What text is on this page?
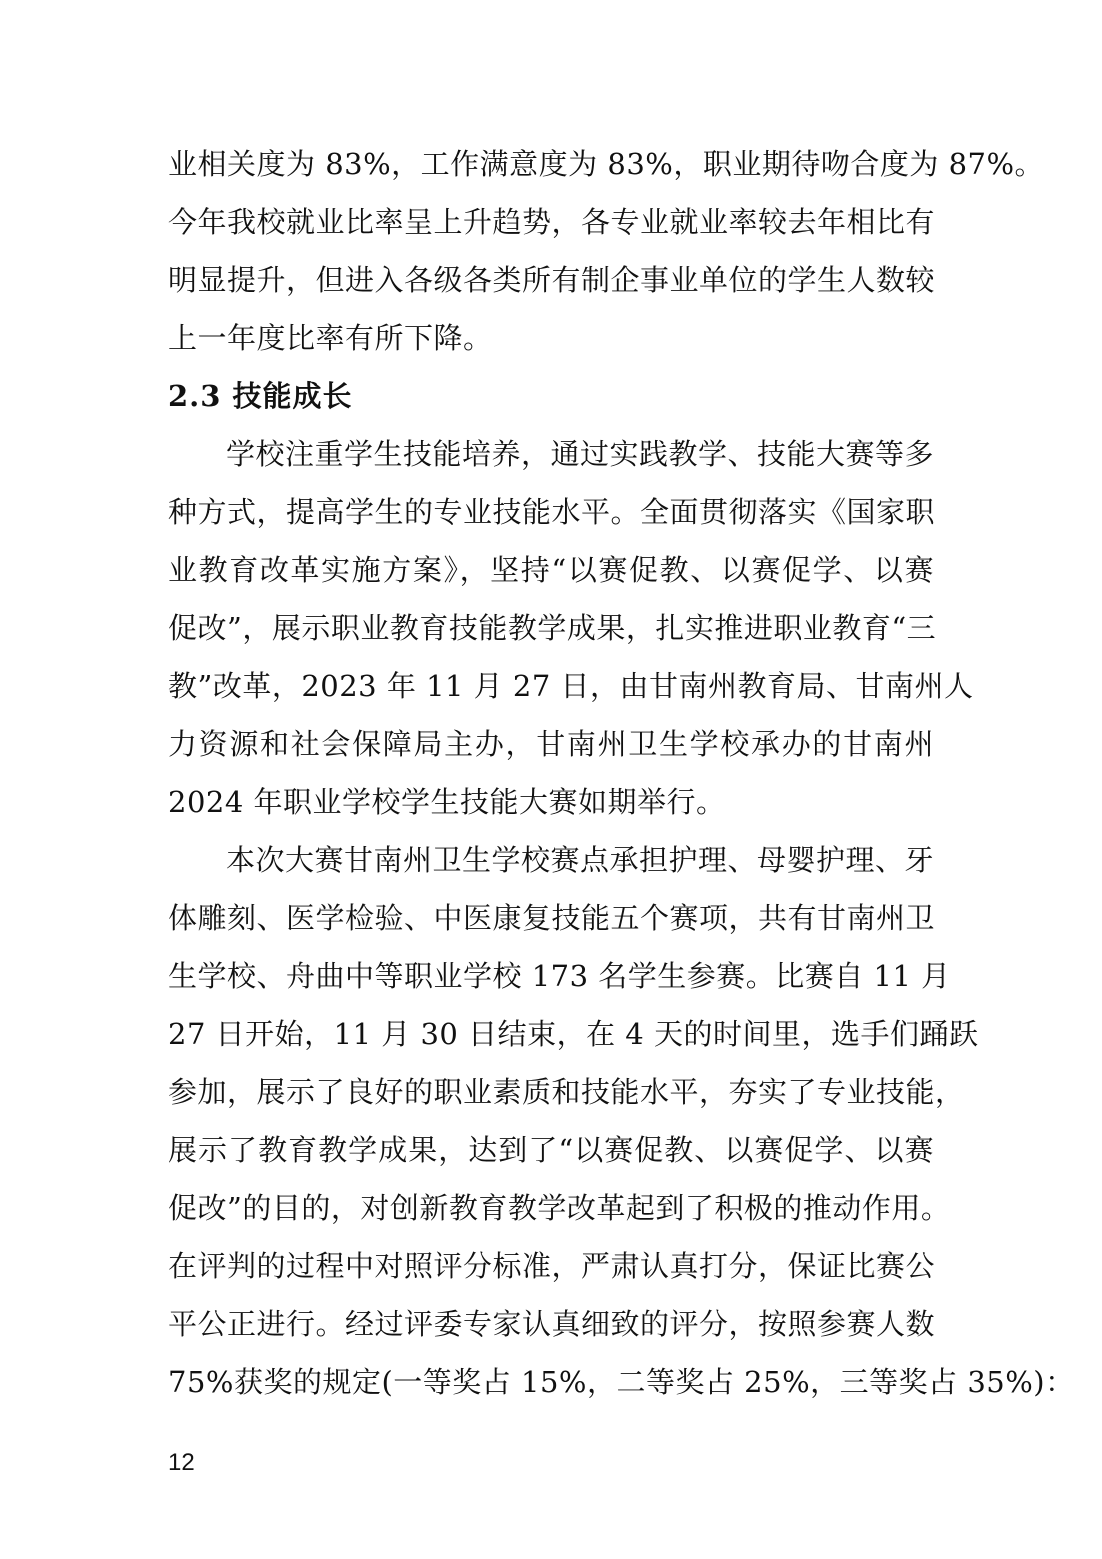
业相关度为 83%，工作满意度为 83%，职业期待吻合度为 87%。
今年我校就业比率呈上升趋势，各专业就业率较去年相比有
明显提升，但进入各级各类所有制企事业单位的学生人数较
上一年度比率有所下降。
2.3 技能成长
学校注重学生技能培养，通过实践教学、技能大赛等多
种方式，提高学生的专业技能水平。全面贯彻落实《国家职
业教育改革实施方案》，坚持“以赛促教、以赛促学、以赛
促改”，展示职业教育技能教学成果，扎实推进职业教育“三
教”改革，2023 年 11 月 27 日，由甘南州教育局、甘南州人
力资源和社会保障局主办，甘南州卫生学校承办的甘南州
2024 年职业学校学生技能大赛如期举行。
本次大赛甘南州卫生学校赛点承担护理、母婴护理、牙
体雕刻、医学检验、中医康复技能五个赛项，共有甘南州卫
生学校、舟曲中等职业学校 173 名学生参赛。比赛自 11 月
27 日开始，11 月 30 日结束，在 4 天的时间里，选手们踊跃
参加，展示了良好的职业素质和技能水平，夯实了专业技能，
展示了教育教学成果，达到了“以赛促教、以赛促学、以赛
促改”的目的，对创新教育教学改革起到了积极的推动作用。
在评判的过程中对照评分标准，严肃认真打分，保证比赛公
平公正进行。经过评委专家认真细致的评分，按照参赛人数
75%获奖的规定(一等奖占 15%，二等奖占 25%，三等奖占 35%)：
12
